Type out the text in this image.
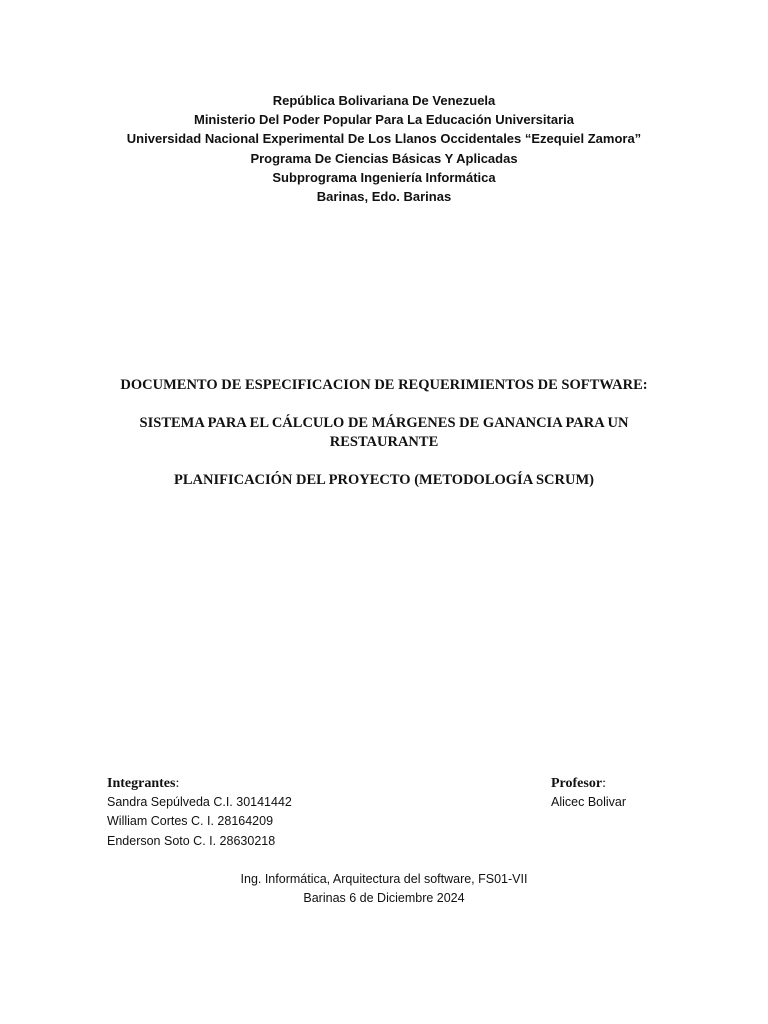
República Bolivariana De Venezuela
Ministerio Del Poder Popular Para La Educación Universitaria
Universidad Nacional Experimental De Los Llanos Occidentales “Ezequiel Zamora”
Programa De Ciencias Básicas Y Aplicadas
Subprograma Ingeniería Informática
Barinas, Edo. Barinas
DOCUMENTO DE ESPECIFICACION DE REQUERIMIENTOS DE SOFTWARE:
SISTEMA PARA EL CÁLCULO DE MÁRGENES DE GANANCIA PARA UN
RESTAURANTE
PLANIFICACIÓN DEL PROYECTO (METODOLOGÍA SCRUM)
Integrantes:
Sandra Sepúlveda C.I. 30141442
William Cortes C. I. 28164209
Enderson Soto C. I. 28630218
Profesor:
Alicec Bolivar
Ing. Informática, Arquitectura del software, FS01-VII
Barinas 6 de Diciembre 2024
